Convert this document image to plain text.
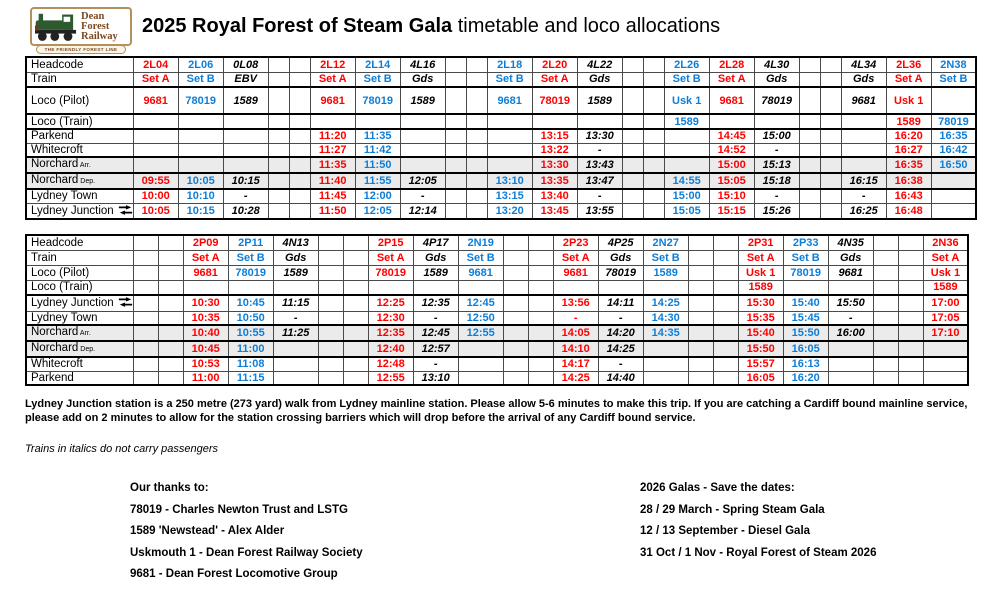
Dean
Forest
Railway
THE FRIENDLY FOREST LINE
2025 Royal Forest of Steam Gala timetable and loco allocations
Headcode	2L04	2L06	0L08			2L12	2L14	4L16			2L18	2L20	4L22			2L26	2L28	4L30			4L34	2L36	2N38
Train	Set A	Set B	EBV			Set A	Set B	Gds			Set B	Set A	Gds			Set B	Set A	Gds			Gds	Set A	Set B
Loco (Pilot)	9681	78019	1589			9681	78019	1589			9681	78019	1589			Usk 1	9681	78019			9681	Usk 1	
Loco (Train)																1589						1589	78019
Parkend						11:20	11:35					13:15	13:30				14:45	15:00				16:20	16:35
Whitecroft						11:27	11:42					13:22	-				14:52	-				16:27	16:42
Norchard Arr.						11:35	11:50					13:30	13:43				15:00	15:13				16:35	16:50
Norchard Dep.	09:55	10:05	10:15			11:40	11:55	12:05			13:10	13:35	13:47			14:55	15:05	15:18			16:15	16:38	
Lydney Town	10:00	10:10	-			11:45	12:00	-			13:15	13:40	-			15:00	15:10	-			-	16:43	
Lydney Junction	10:05	10:15	10:28			11:50	12:05	12:14			13:20	13:45	13:55			15:05	15:15	15:26			16:25	16:48	
Headcode			2P09	2P11	4N13			2P15	4P17	2N19			2P23	4P25	2N27			2P31	2P33	4N35			2N36
Train			Set A	Set B	Gds			Set A	Gds	Set B			Set A	Gds	Set B			Set A	Set B	Gds			Set A
Loco (Pilot)			9681	78019	1589			78019	1589	9681			9681	78019	1589			Usk 1	78019	9681			Usk 1
Loco (Train)																		1589					1589
Lydney Junction			10:30	10:45	11:15			12:25	12:35	12:45			13:56	14:11	14:25			15:30	15:40	15:50			17:00
Lydney Town			10:35	10:50	-			12:30	-	12:50			-	-	14:30			15:35	15:45	-			17:05
Norchard Arr.			10:40	10:55	11:25			12:35	12:45	12:55			14:05	14:20	14:35			15:40	15:50	16:00			17:10
Norchard Dep.			10:45	11:00				12:40	12:57				14:10	14:25				15:50	16:05				
Whitecroft			10:53	11:08				12:48	-				14:17	-				15:57	16:13				
Parkend			11:00	11:15				12:55	13:10				14:25	14:40				16:05	16:20				

Lydney Junction station is a 250 metre (273 yard) walk from Lydney mainline station. Please allow 5-6 minutes to make this trip. If you are catching a Cardiff bound mainline service, please add on 2 minutes to allow for the station crossing barriers which will drop before the arrival of any Cardiff bound service.

Trains in italics do not carry passengers

Our thanks to:
78019 - Charles Newton Trust and LSTG
1589 'Newstead' - Alex Alder
Uskmouth 1 - Dean Forest Railway Society
9681 - Dean Forest Locomotive Group
2026 Galas - Save the dates:
28 / 29 March - Spring Steam Gala
12 / 13 September - Diesel Gala
31 Oct / 1 Nov - Royal Forest of Steam 2026
